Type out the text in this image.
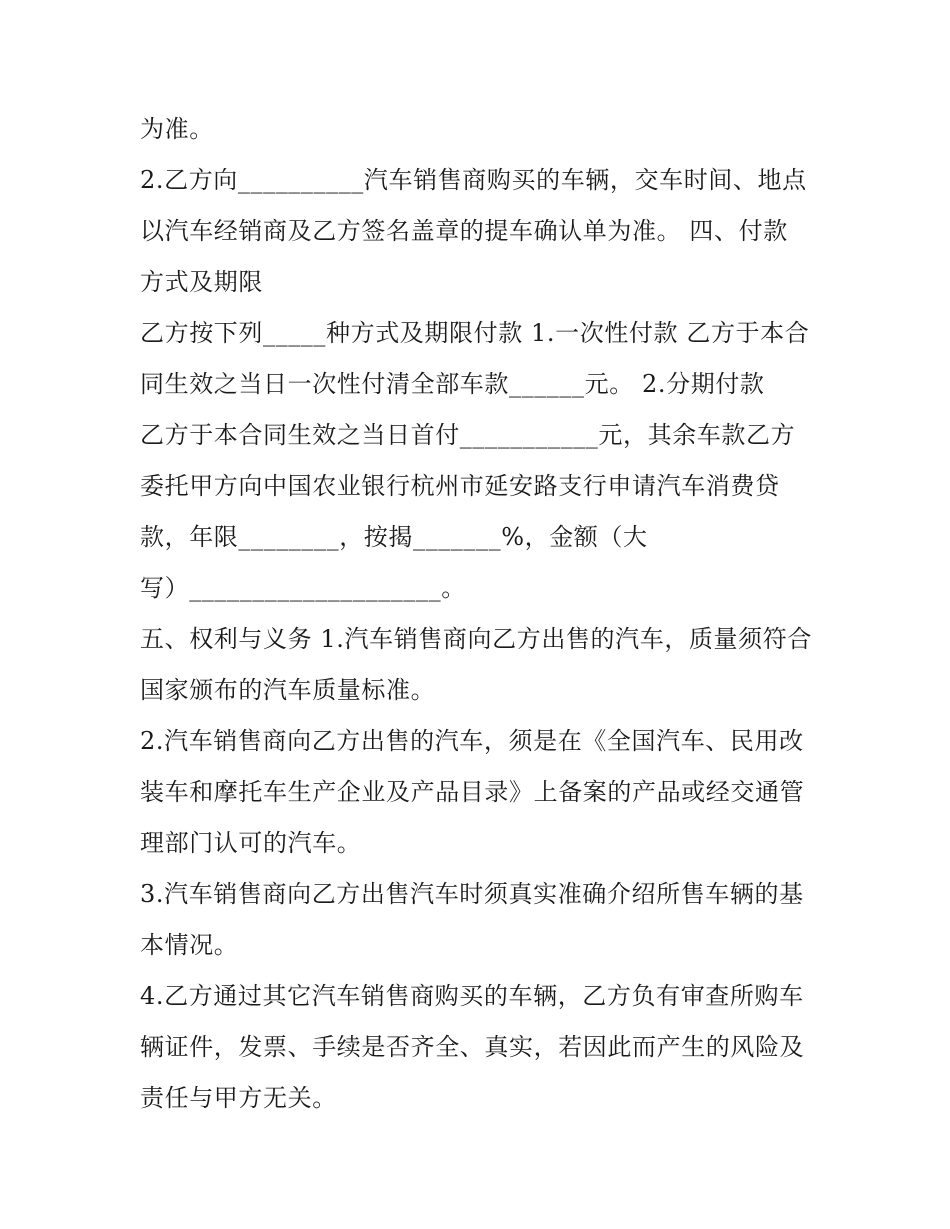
为准。
2.乙方向__________汽车销售商购买的车辆，交车时间、地点
以汽车经销商及乙方签名盖章的提车确认单为准。 四、付款
方式及期限
乙方按下列_____种方式及期限付款 1.一次性付款 乙方于本合
同生效之当日一次性付清全部车款______元。 2.分期付款
乙方于本合同生效之当日首付___________元，其余车款乙方
委托甲方向中国农业银行杭州市延安路支行申请汽车消费贷
款，年限________，按揭_______%，金额（大
写）____________________。
五、权利与义务 1.汽车销售商向乙方出售的汽车，质量须符合
国家颁布的汽车质量标准。
2.汽车销售商向乙方出售的汽车，须是在《全国汽车、民用改
装车和摩托车生产企业及产品目录》上备案的产品或经交通管
理部门认可的汽车。
3.汽车销售商向乙方出售汽车时须真实准确介绍所售车辆的基
本情况。
4.乙方通过其它汽车销售商购买的车辆，乙方负有审查所购车
辆证件，发票、手续是否齐全、真实，若因此而产生的风险及
责任与甲方无关。
